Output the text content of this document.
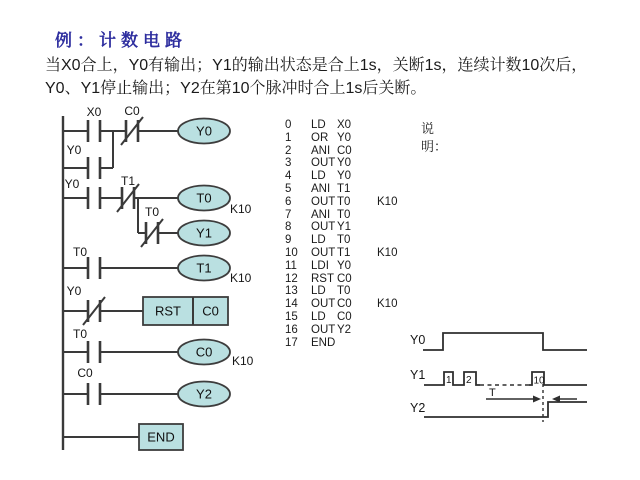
例：计数电路
当X0合上，Y0有输出；Y1的输出状态是合上1s，关断1s，连续计数10次后，
Y0、Y1停止输出；Y2在第10个脉冲时合上1s后关断。
X0 C0
Y0
Y0
Y0	T1
T0
K10
T0
Y1
T0
T1
K10
Y0
RST C0
T0
C0
K10
C0
Y2
END
0 LD X0
1 OR Y0
2 ANI C0
3 OUT Y0
4 LD Y0
5 ANI T1
6 OUT T0 K10
7 ANI T0
8 OUT Y1
9 LD T0
10 OUT T1 K10
11 LDI Y0
12 RST C0
13 LD T0
14 OUT C0 K10
15 LD C0
16 OUT Y2
17 END
说明：
Y0
Y1 1 2	10
T
Y2
